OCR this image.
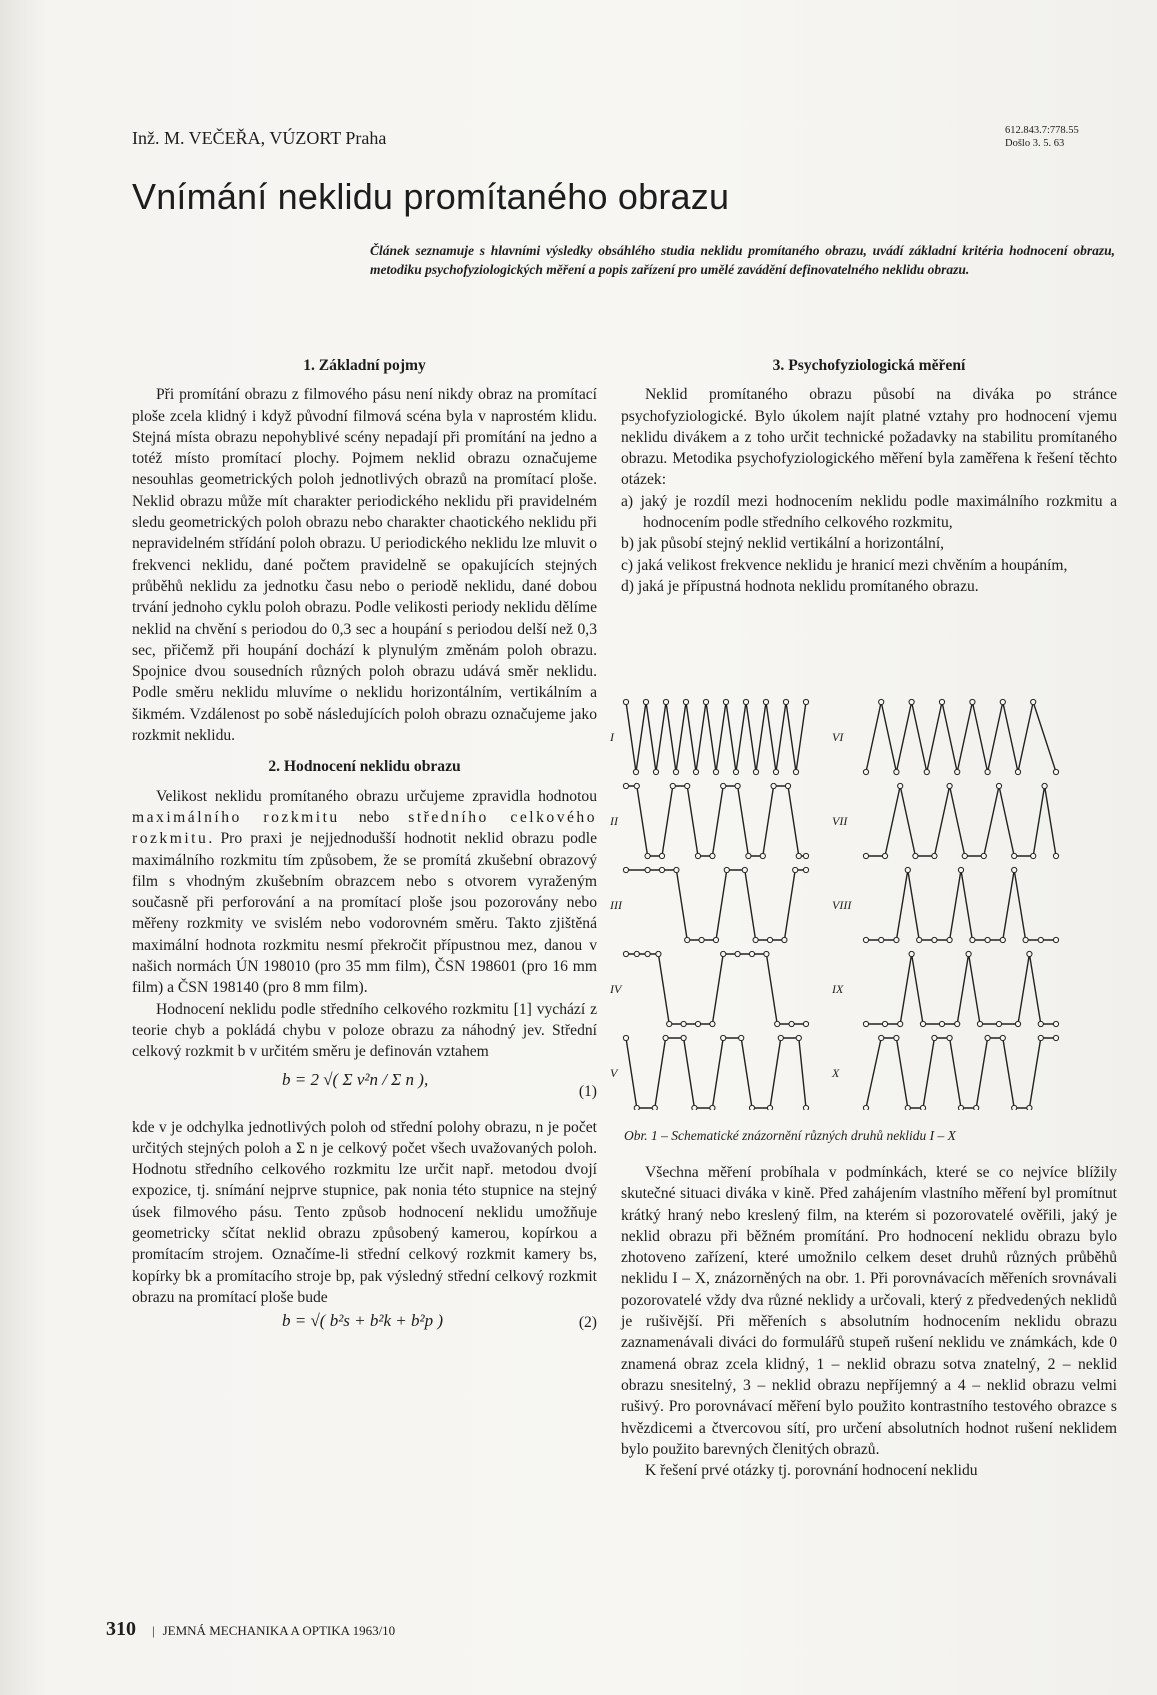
Inž. M. VEČEŘA, VÚZORT Praha	612.843.7:778.55
Došlo 3. 5. 63
Vnímání neklidu promítaného obrazu
Článek seznamuje s hlavními výsledky obsáhlého studia neklidu promítaného obrazu, uvádí základní kritéria hodnocení obrazu, metodiku psychofyziologických měření a popis zařízení pro umělé zavádění definovatelného neklidu obrazu.
1. Základní pojmy

Při promítání obrazu z filmového pásu není nikdy obraz na promítací ploše zcela klidný i když původní filmová scéna byla v naprostém klidu. Stejná místa obrazu nepohyblivé scény nepadají při promítání na jedno a totéž místo promítací plochy. Pojmem neklid obrazu označujeme nesouhlas geometrických poloh jednotlivých obrazů na promítací ploše. Neklid obrazu může mít charakter periodického neklidu při pravidelném sledu geometrických poloh obrazu nebo charakter chaotického neklidu při nepravidelném střídání poloh obrazu. U periodického neklidu lze mluvit o frekvenci neklidu, dané počtem pravidelně se opakujících stejných průběhů neklidu za jednotku času nebo o periodě neklidu, dané dobou trvání jednoho cyklu poloh obrazu. Podle velikosti periody neklidu dělíme neklid na chvění s periodou do 0,3 sec a houpání s periodou delší než 0,3 sec, přičemž při houpání dochází k plynulým změnám poloh obrazu. Spojnice dvou sousedních různých poloh obrazu udává směr neklidu. Podle směru neklidu mluvíme o neklidu horizontálním, vertikálním a šikmém. Vzdálenost po sobě následujících poloh obrazu označujeme jako rozkmit neklidu.

2. Hodnocení neklidu obrazu

Velikost neklidu promítaného obrazu určujeme zpravidla hodnotou maximálního rozkmitu nebo středního celkového rozkmitu. Pro praxi je nejjednodušší hodnotit neklid obrazu podle maximálního rozkmitu tím způsobem, že se promítá zkušební obrazový film s vhodným zkušebním obrazcem nebo s otvorem vyraženým současně při perforování a na promítací ploše jsou pozorovány nebo měřeny rozkmity ve svislém nebo vodorovném směru. Takto zjištěná maximální hodnota rozkmitu nesmí překročit přípustnou mez, danou v našich normách ÚN 198010 (pro 35 mm film), ČSN 198601 (pro 16 mm film) a ČSN 198140 (pro 8 mm film).

Hodnocení neklidu podle středního celkového rozkmitu [1] vychází z teorie chyb a pokládá chybu v poloze obrazu za náhodný jev. Střední celkový rozkmit b v určitém směru je definován vztahem

b = 2 √( Σ v²n / Σ n ),
(1)

kde v je odchylka jednotlivých poloh od střední polohy obrazu, n je počet určitých stejných poloh a Σ n je celkový počet všech uvažovaných poloh. Hodnotu středního celkového rozkmitu lze určit např. metodou dvojí expozice, tj. snímání nejprve stupnice, pak nonia této stupnice na stejný úsek filmového pásu. Tento způsob hodnocení neklidu umožňuje geometricky sčítat neklid obrazu způsobený kamerou, kopírkou a promítacím strojem. Označíme-li střední celkový rozkmit kamery bs, kopírky bk a promítacího stroje bp, pak výsledný střední celkový rozkmit obrazu na promítací ploše bude

b = √( b²s + b²k + b²p )	(2)
3. Psychofyziologická měření

Neklid promítaného obrazu působí na diváka po stránce psychofyziologické. Bylo úkolem najít platné vztahy pro hodnocení vjemu neklidu divákem a z toho určit technické požadavky na stabilitu promítaného obrazu. Metodika psychofyziologického měření byla zaměřena k řešení těchto otázek:

a) jaký je rozdíl mezi hodnocením neklidu podle maximálního rozkmitu a hodnocením podle středního celkového rozkmitu,
b) jak působí stejný neklid vertikální a horizontální,
c) jaká velikost frekvence neklidu je hranicí mezi chvěním a houpáním,
d) jaká je přípustná hodnota neklidu promítaného obrazu.
I
II
III
IV
V
VI
VII
VIII
IX
X
Obr. 1 – Schematické znázornění různých druhů neklidu I – X

Všechna měření probíhala v podmínkách, které se co nejvíce blížily skutečné situaci diváka v kině. Před zahájením vlastního měření byl promítnut krátký hraný nebo kreslený film, na kterém si pozorovatelé ověřili, jaký je neklid obrazu při běžném promítání. Pro hodnocení neklidu obrazu bylo zhotoveno zařízení, které umožnilo celkem deset druhů různých průběhů neklidu I – X, znázorněných na obr. 1. Při porovnávacích měřeních srovnávali pozorovatelé vždy dva různé neklidy a určovali, který z předvedených neklidů je rušivější. Při měřeních s absolutním hodnocením neklidu obrazu zaznamenávali diváci do formulářů stupeň rušení neklidu ve známkách, kde 0 znamená obraz zcela klidný, 1 – neklid obrazu sotva znatelný, 2 – neklid obrazu snesitelný, 3 – neklid obrazu nepříjemný a 4 – neklid obrazu velmi rušivý. Pro porovnávací měření bylo použito kontrastního testového obrazce s hvězdicemi a čtvercovou sítí, pro určení absolutních hodnot rušení neklidem bylo použito barevných členitých obrazů.

K řešení prvé otázky tj. porovnání hodnocení neklidu

310 | JEMNÁ MECHANIKA A OPTIKA 1963/10
